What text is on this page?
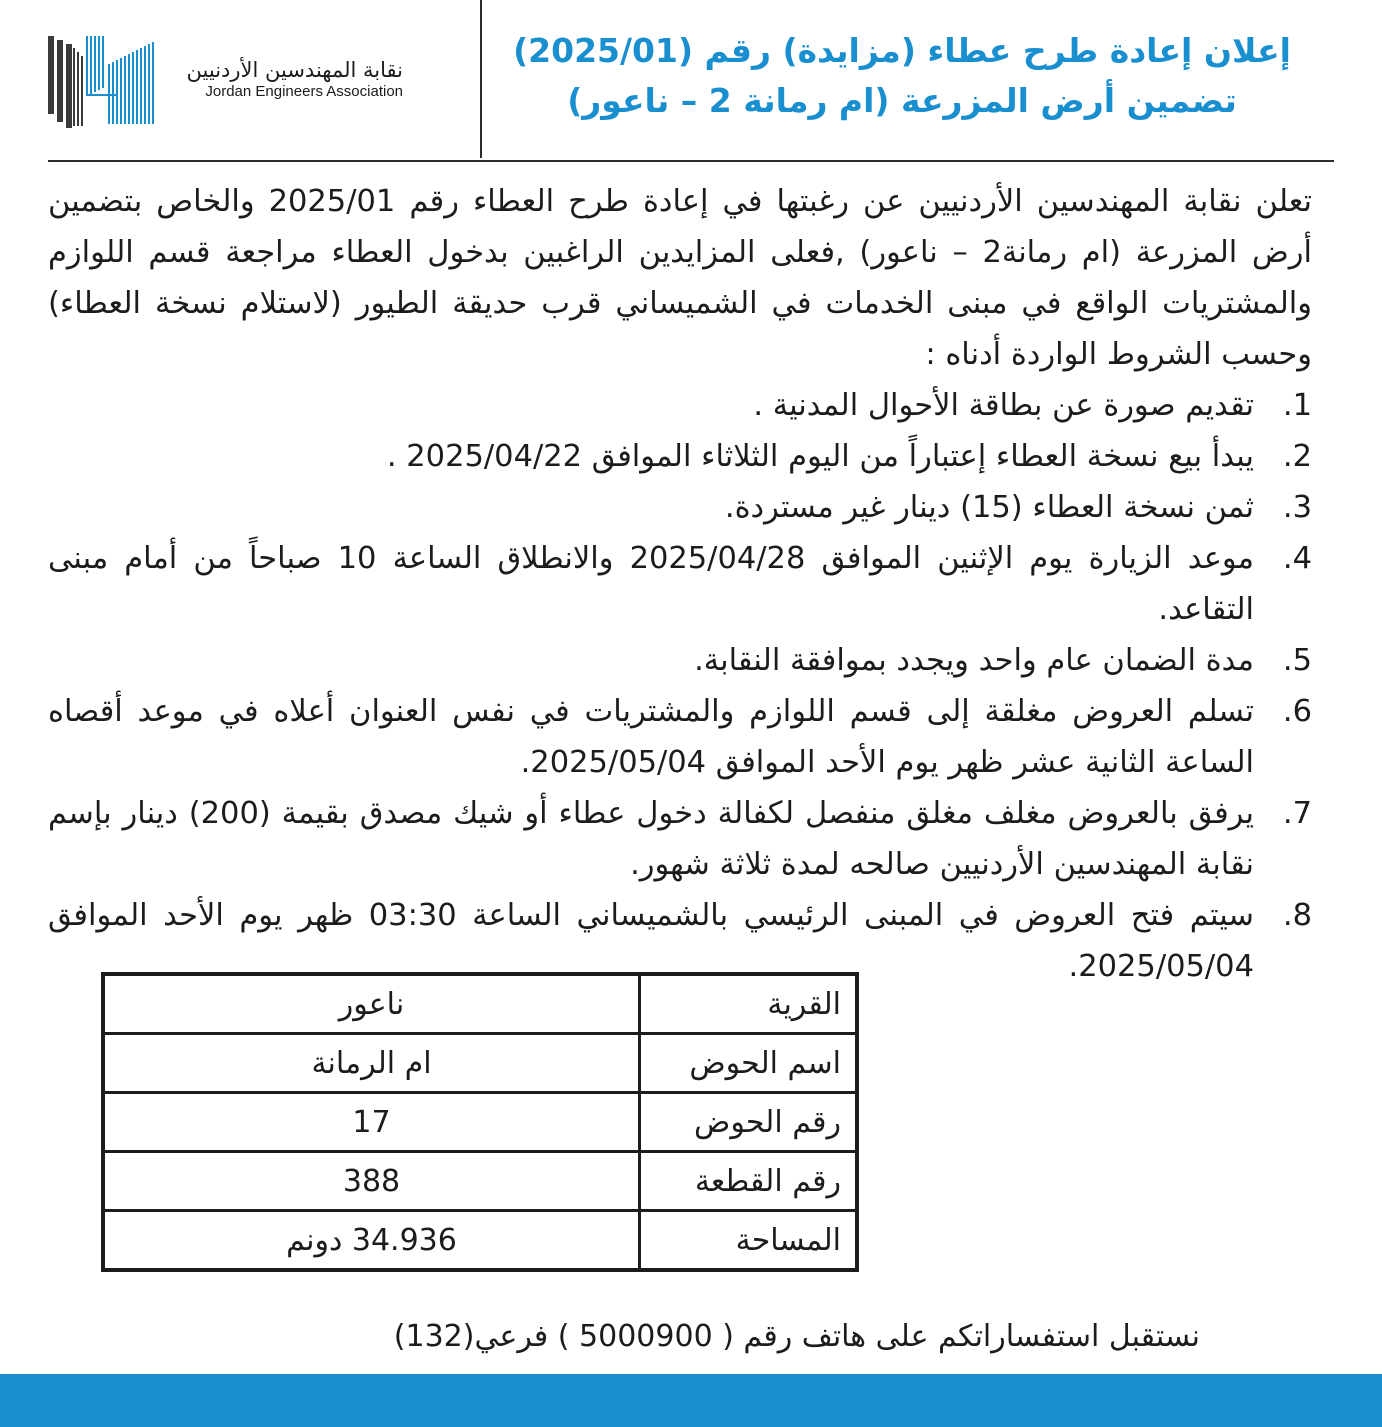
نقابة المهندسين الأردنيين
Jordan Engineers Association
إعلان إعادة طرح عطاء (مزايدة) رقم (2025/01)
تضمين أرض المزرعة (ام رمانة 2 – ناعور)

تعلن نقابة المهندسين الأردنيين عن رغبتها في إعادة طرح العطاء رقم 2025/01 والخاص بتضمين أرض المزرعة (ام رمانة2 – ناعور) ,فعلى المزايدين الراغبين بدخول العطاء مراجعة قسم اللوازم والمشتريات الواقع في مبنى الخدمات في الشميساني قرب حديقة الطيور (لاستلام نسخة العطاء) وحسب الشروط الواردة أدناه :

1.
تقديم صورة عن بطاقة الأحوال المدنية .
2.
يبدأ بيع نسخة العطاء إعتباراً من اليوم الثلاثاء الموافق 2025/04/22 .
3.
ثمن نسخة العطاء (15) دينار غير مستردة.
4.
موعد الزيارة يوم الإثنين الموافق 2025/04/28 والانطلاق الساعة 10 صباحاً من أمام مبنى التقاعد.
5.
مدة الضمان عام واحد ويجدد بموافقة النقابة.
6.
تسلم العروض مغلقة إلى قسم اللوازم والمشتريات في نفس العنوان أعلاه في موعد أقصاه الساعة الثانية عشر ظهر يوم الأحد الموافق 2025/05/04.
7.
يرفق بالعروض مغلف مغلق منفصل لكفالة دخول عطاء أو شيك مصدق بقيمة (200) دينار بإسم نقابة المهندسين الأردنيين صالحه لمدة ثلاثة شهور.
8.
سيتم فتح العروض في المبنى الرئيسي بالشميساني الساعة 03:30 ظهر يوم الأحد الموافق 2025/05/04.
القرية	ناعور
اسم الحوض	ام الرمانة
رقم الحوض	17
رقم القطعة	388
المساحة	34.936 دونم
نستقبل استفساراتكم على هاتف رقم ( 5000900 ) فرعي(132)
